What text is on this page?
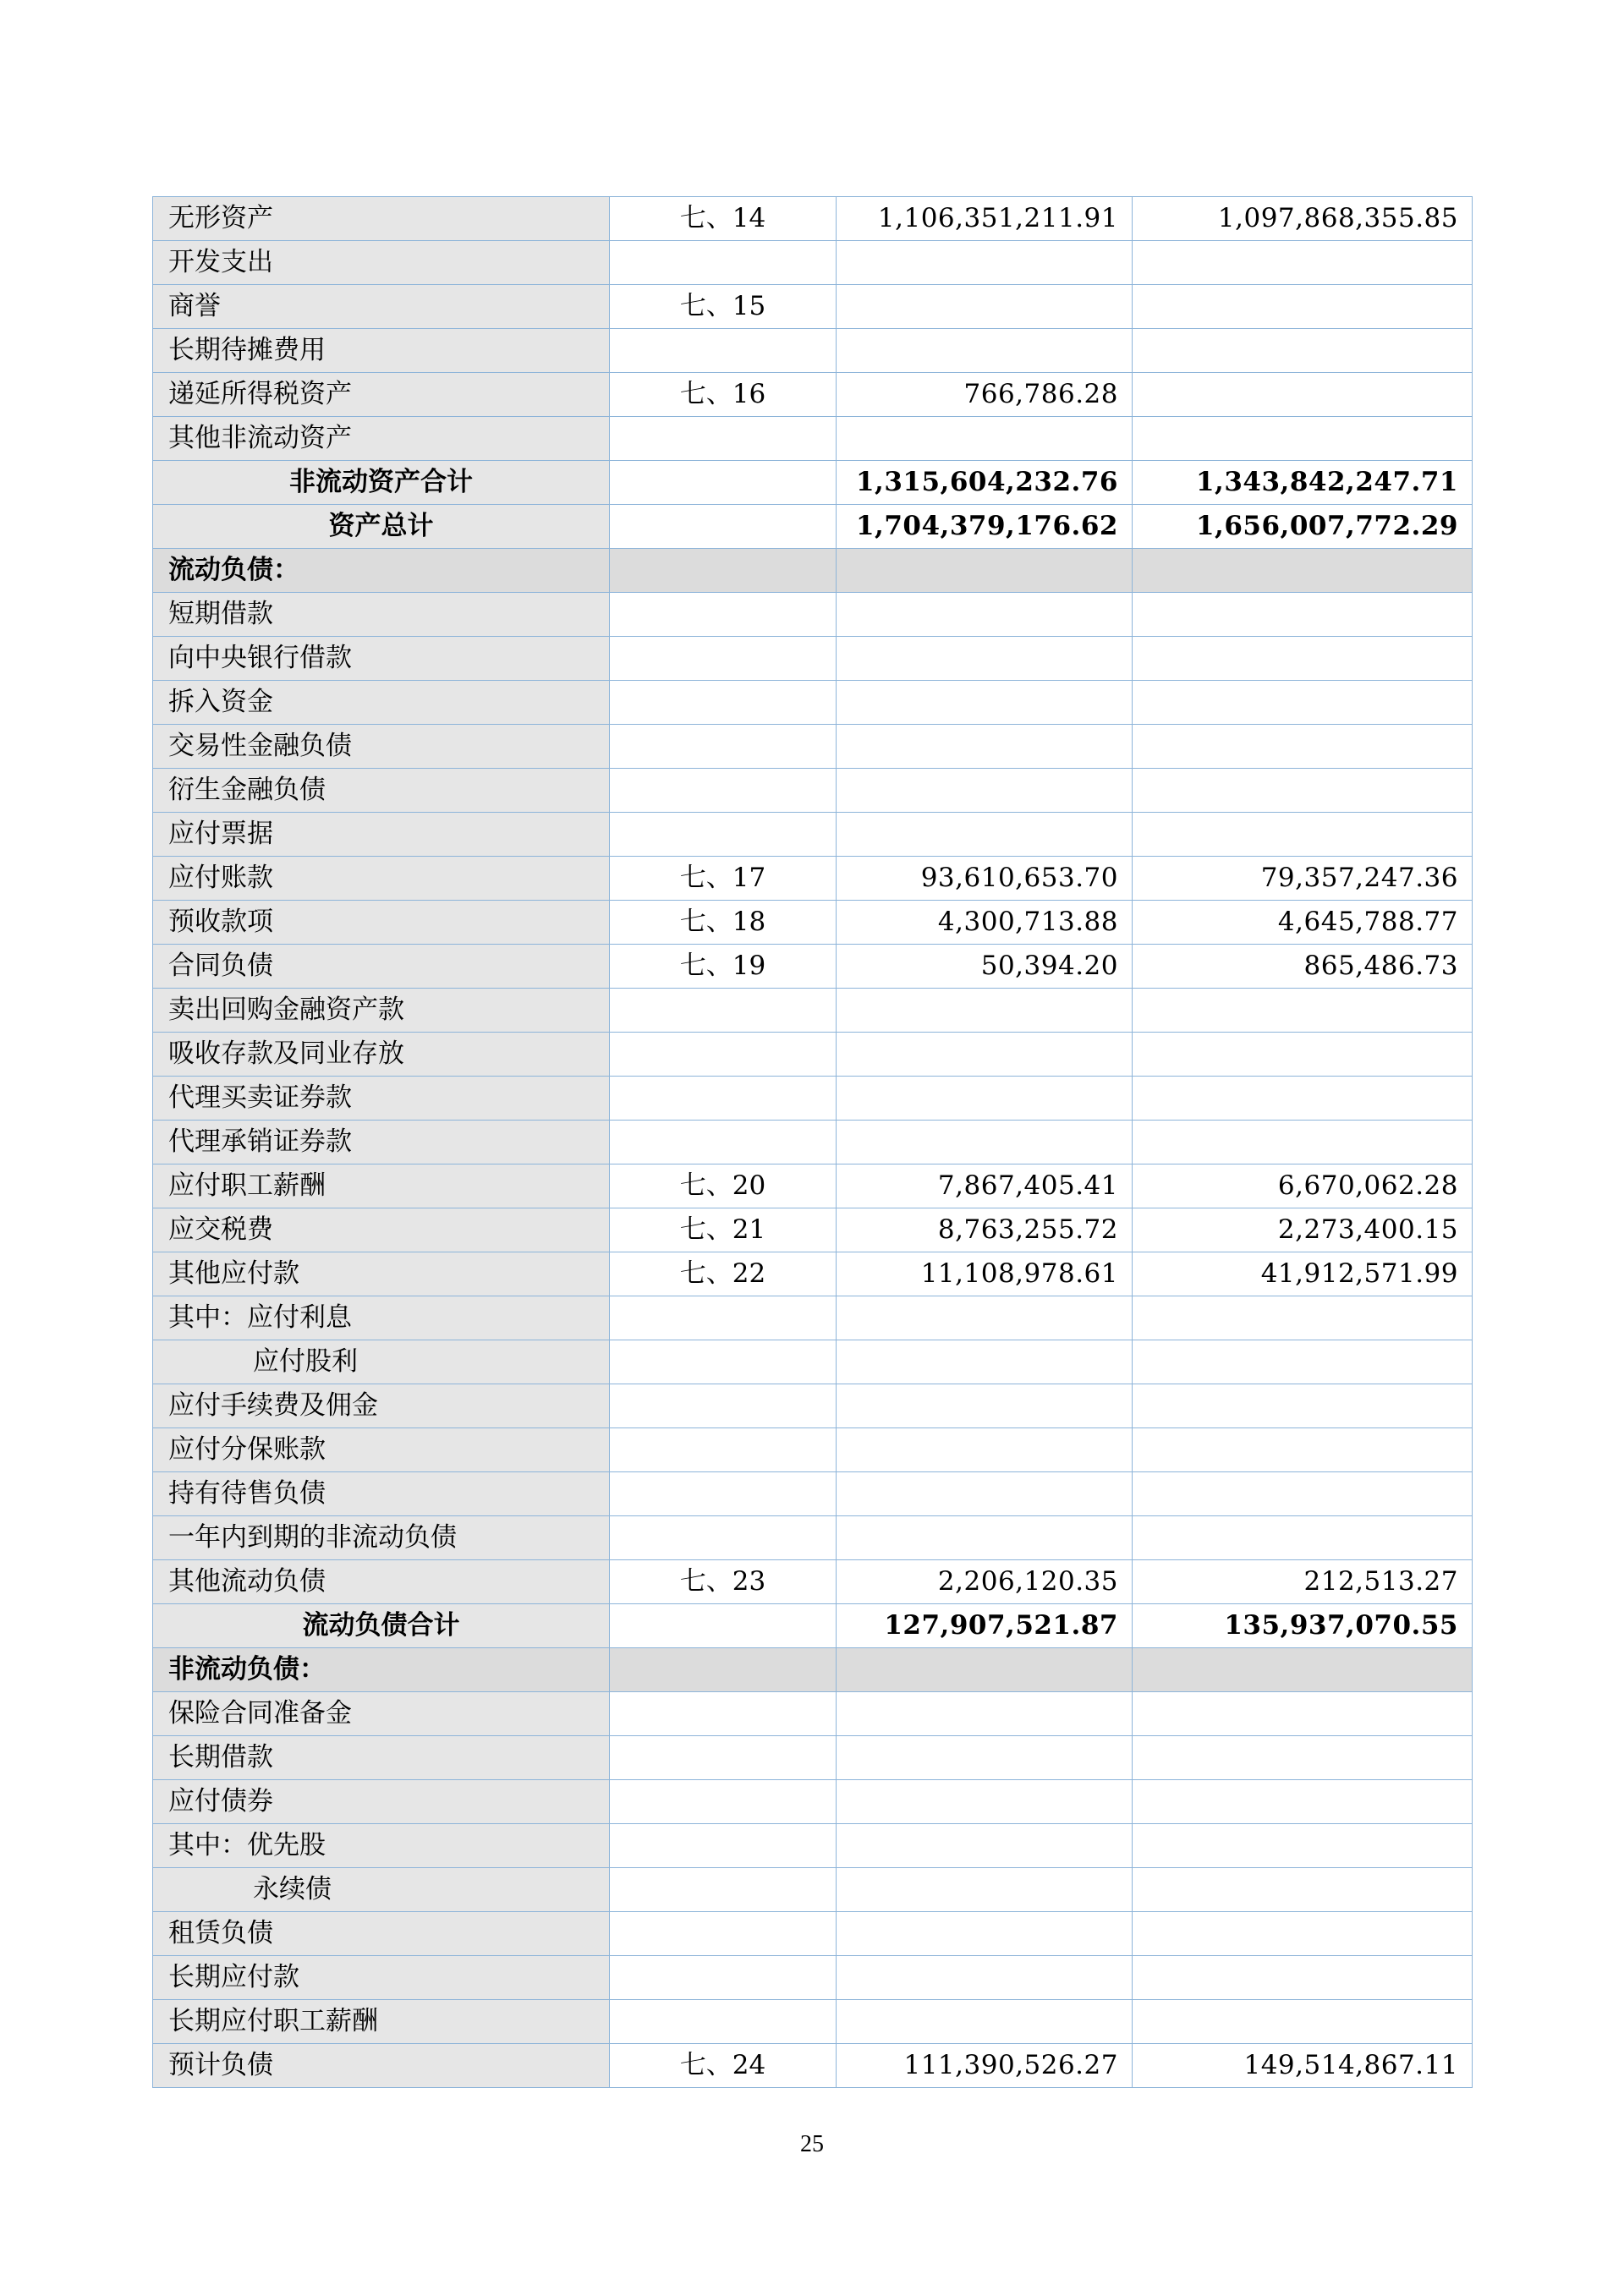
无形资产	七、14	1,106,351,211.91	1,097,868,355.85
开发支出			
商誉	七、15		
长期待摊费用			
递延所得税资产	七、16	766,786.28	
其他非流动资产			
非流动资产合计		1,315,604,232.76	1,343,842,247.71
资产总计		1,704,379,176.62	1,656,007,772.29
流动负债：			
短期借款			
向中央银行借款			
拆入资金			
交易性金融负债			
衍生金融负债			
应付票据			
应付账款	七、17	93,610,653.70	79,357,247.36
预收款项	七、18	4,300,713.88	4,645,788.77
合同负债	七、19	50,394.20	865,486.73
卖出回购金融资产款			
吸收存款及同业存放			
代理买卖证券款			
代理承销证券款			
应付职工薪酬	七、20	7,867,405.41	6,670,062.28
应交税费	七、21	8,763,255.72	2,273,400.15
其他应付款	七、22	11,108,978.61	41,912,571.99
其中：应付利息			
应付股利			
应付手续费及佣金			
应付分保账款			
持有待售负债			
一年内到期的非流动负债			
其他流动负债	七、23	2,206,120.35	212,513.27
流动负债合计		127,907,521.87	135,937,070.55
非流动负债：			
保险合同准备金			
长期借款			
应付债券			
其中：优先股			
永续债			
租赁负债			
长期应付款			
长期应付职工薪酬			
预计负债	七、24	111,390,526.27	149,514,867.11
25
